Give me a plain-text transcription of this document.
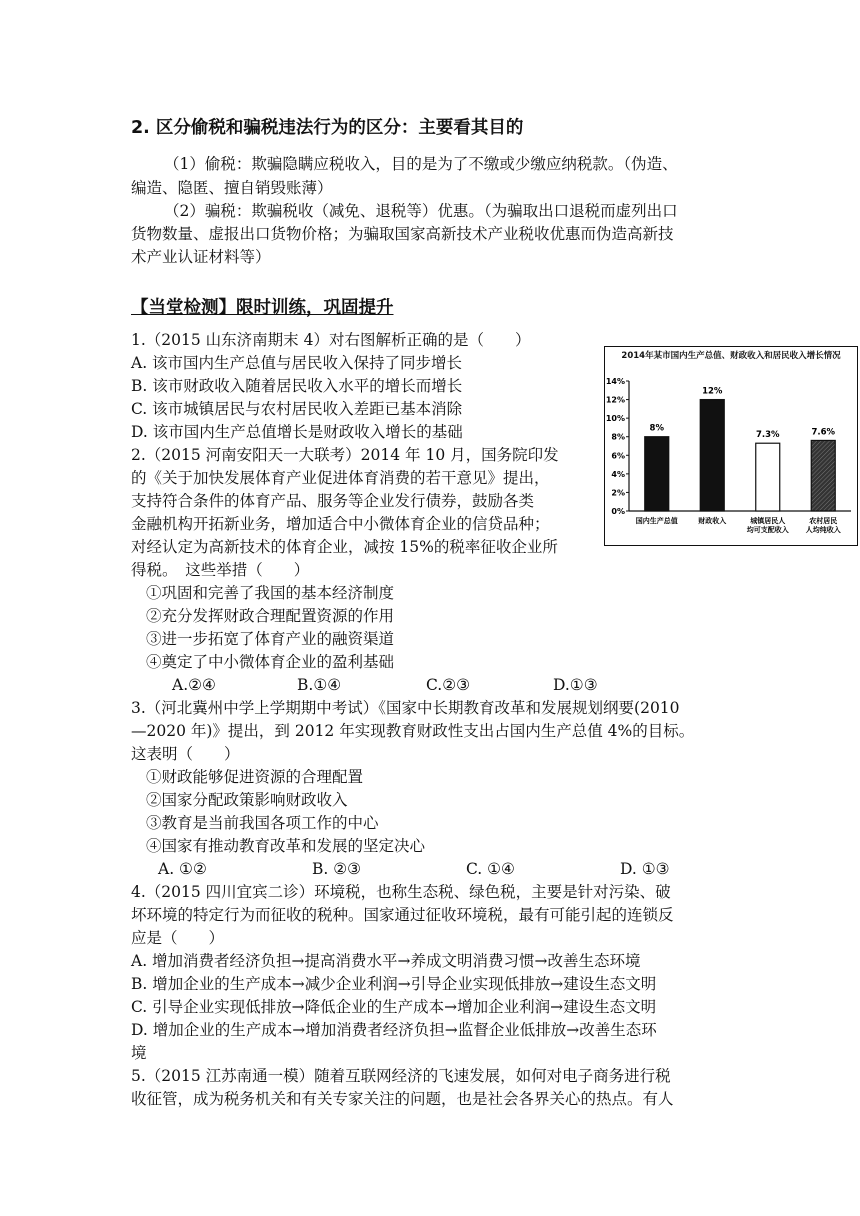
2. 区分偷税和骗税违法行为的区分：主要看其目的
（1）偷税：欺骗隐瞒应税收入，目的是为了不缴或少缴应纳税款。（伪造、
编造、隐匿、擅自销毁账薄）
（2）骗税：欺骗税收（减免、退税等）优惠。（为骗取出口退税而虚列出口
货物数量、虚报出口货物价格；为骗取国家高新技术产业税收优惠而伪造高新技
术产业认证材料等）
【当堂检测】限时训练，巩固提升
1.（2015 山东济南期末 4）对右图解析正确的是（　　）
A. 该市国内生产总值与居民收入保持了同步增长
B. 该市财政收入随着居民收入水平的增长而增长
C. 该市城镇居民与农村居民收入差距已基本消除
D. 该市国内生产总值增长是财政收入增长的基础
2.（2015 河南安阳天一大联考）2014 年 10 月，国务院印发
的《关于加快发展体育产业促进体育消费的若干意见》提出，
支持符合条件的体育产品、服务等企业发行债券，鼓励各类
金融机构开拓新业务，增加适合中小微体育企业的信贷品种；
对经认定为高新技术的体育企业，减按 15%的税率征收企业所
得税。　这些举措（　　）
①巩固和完善了我国的基本经济制度
②充分发挥财政合理配置资源的作用
③进一步拓宽了体育产业的融资渠道
④奠定了中小微体育企业的盈利基础
A.②④	B.①④	C.②③	D.①③
3.（河北冀州中学上学期期中考试）《国家中长期教育改革和发展规划纲要(2010
—2020 年)》提出，到 2012 年实现教育财政性支出占国内生产总值 4%的目标。
这表明（　　）
①财政能够促进资源的合理配置
②国家分配政策影响财政收入
③教育是当前我国各项工作的中心
④国家有推动教育改革和发展的坚定决心
A. ①②	B. ②③	C. ①④	D. ①③
4.（2015 四川宜宾二诊）环境税，也称生态税、绿色税，主要是针对污染、破
坏环境的特定行为而征收的税种。国家通过征收环境税，最有可能引起的连锁反
应是（　　）
A. 增加消费者经济负担→提高消费水平→养成文明消费习惯→改善生态环境
B. 增加企业的生产成本→减少企业利润→引导企业实现低排放→建设生态文明
C. 引导企业实现低排放→降低企业的生产成本→增加企业利润→建设生态文明
D. 增加企业的生产成本→增加消费者经济负担→监督企业低排放→改善生态环
境
5.（2015 江苏南通一模）随着互联网经济的飞速发展，如何对电子商务进行税
收征管，成为税务机关和有关专家关注的问题，也是社会各界关心的热点。有人
2014年某市国内生产总值、财政收入和居民收入增长情况
0%
2%
4%
6%
8%
10%
12%
14%
8%
国内生产总值
12%
财政收入
7.3%
城镇居民人均可支配收入
7.6%
农村居民人均纯收入
